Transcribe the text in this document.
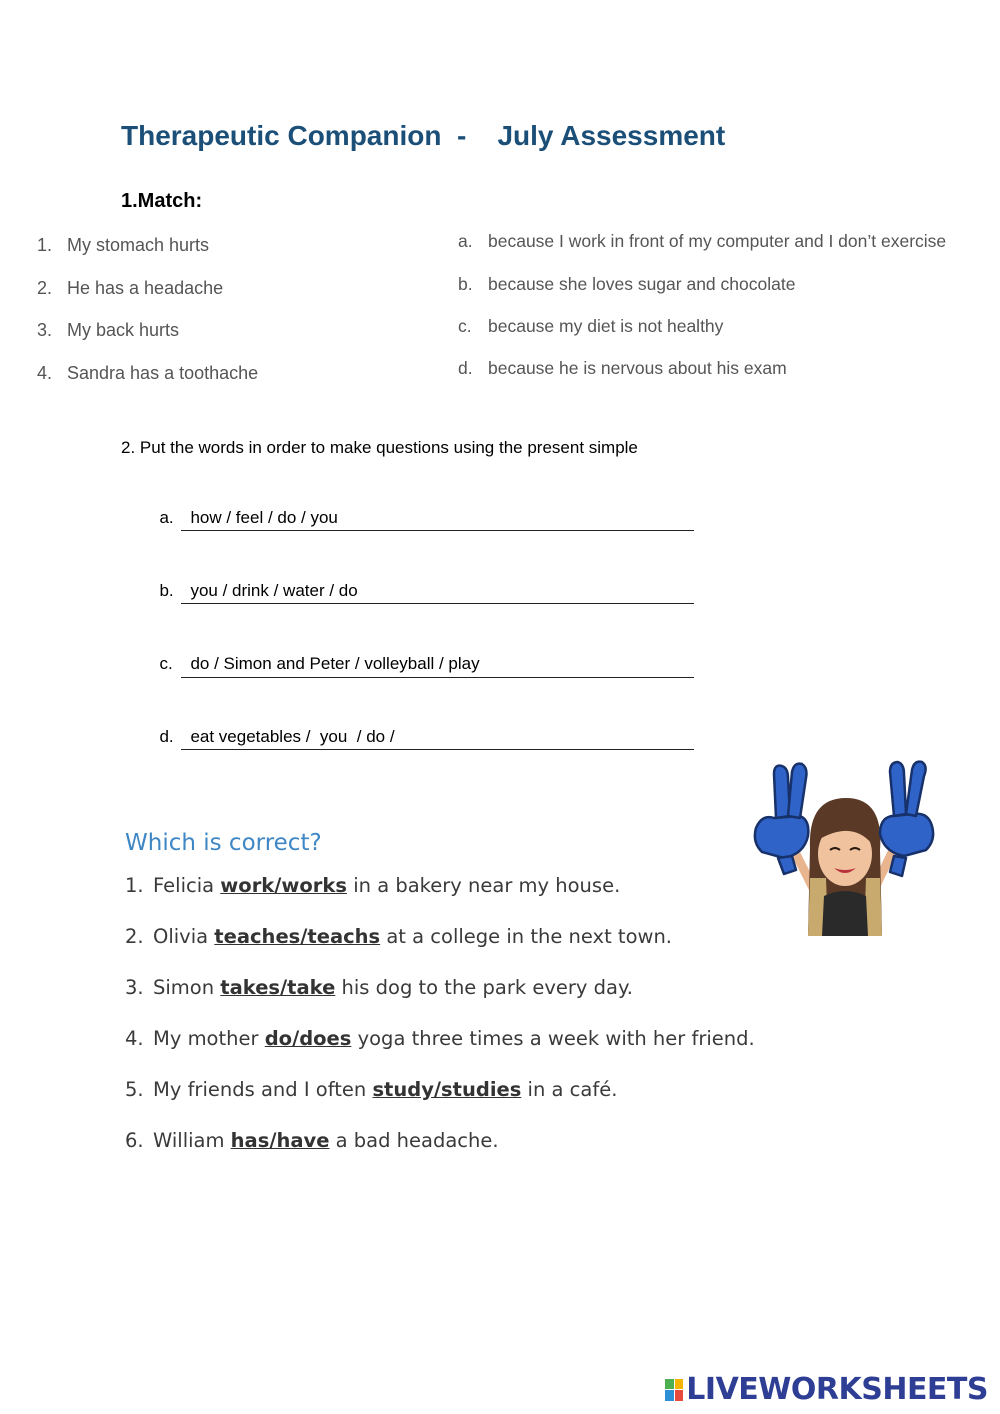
Therapeutic Companion  -    July Assessment
1.Match:
1. My stomach hurts
2. He has a headache
3. My back hurts
4. Sandra has a toothache
a. because I work in front of my computer and I don’t exercise
b. because she loves sugar and chocolate
c. because my diet is not healthy
d. because he is nervous about his exam
2. Put the words in order to make questions using the present simple

a. how / feel / do / you

b. you / drink / water / do

c. do / Simon and Peter / volleyball / play

d. eat vegetables /  you  / do /

Which is correct?
1. Felicia work/works in a bakery near my house.
2. Olivia teaches/teachs at a college in the next town.
3. Simon takes/take his dog to the park every day.
4. My mother do/does yoga three times a week with her friend.
5. My friends and I often study/studies in a café.
6. William has/have a bad headache.
LIVEWORKSHEETS
